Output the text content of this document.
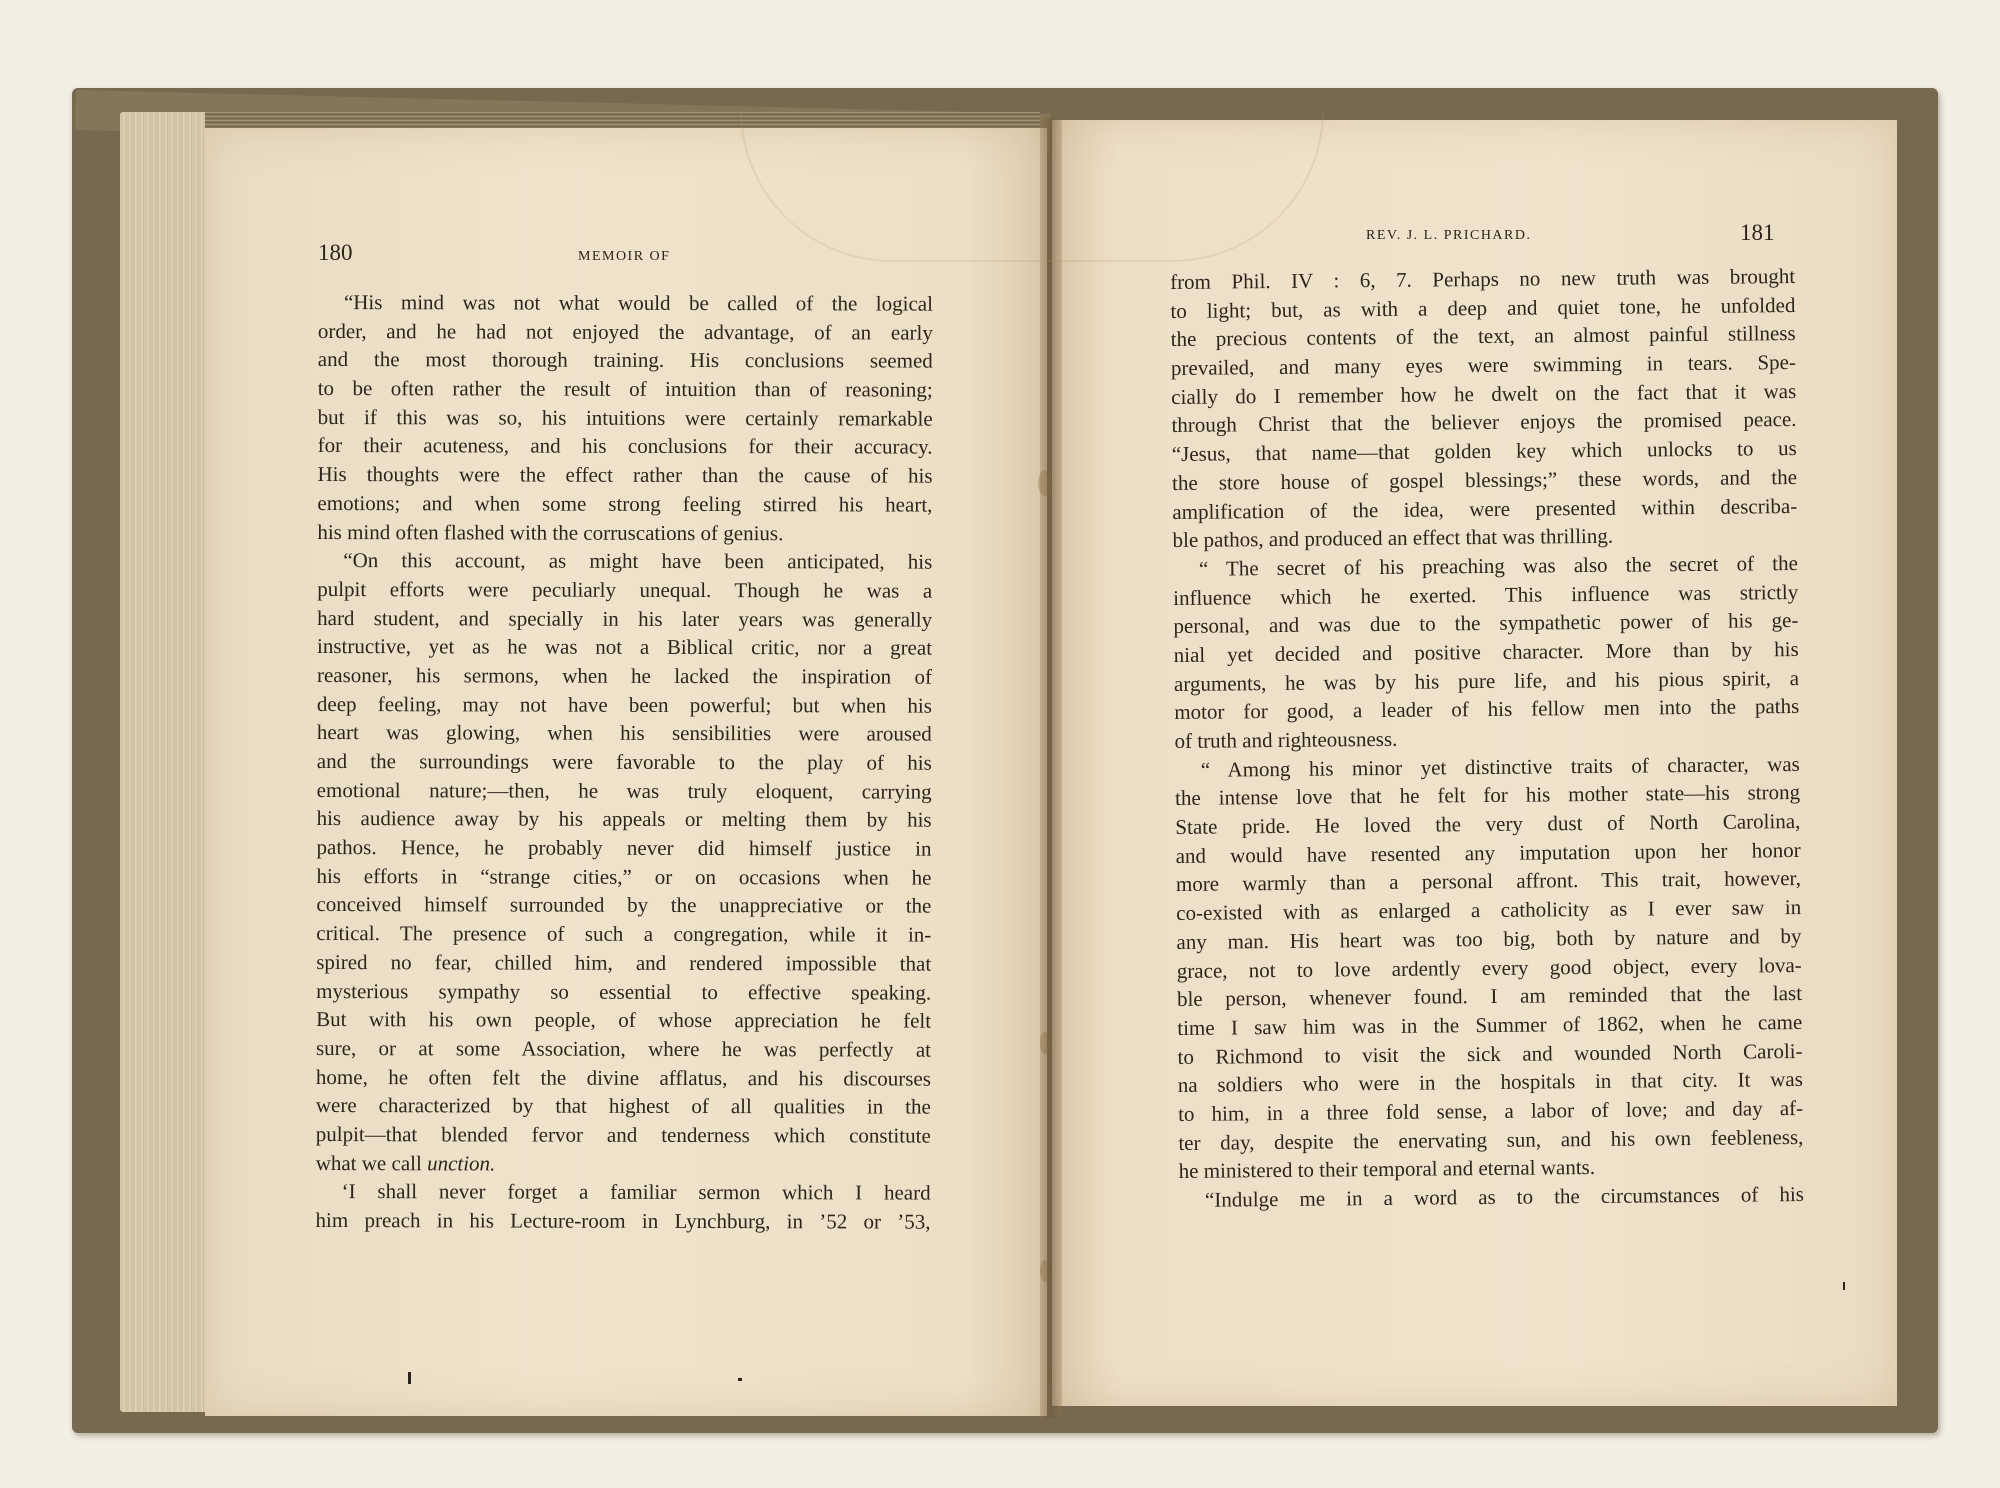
180	MEMOIR OF
REV. J. L. PRICHARD.	181
“His mind was not what would be called of the logical
order, and he had not enjoyed the advantage, of an early
and the most thorough training. His conclusions seemed
to be often rather the result of intuition than of reasoning;
but if this was so, his intuitions were certainly remarkable
for their acuteness, and his conclusions for their accuracy.
His thoughts were the effect rather than the cause of his
emotions; and when some strong feeling stirred his heart,
his mind often flashed with the corruscations of genius.
“On this account, as might have been anticipated, his
pulpit efforts were peculiarly unequal. Though he was a
hard student, and specially in his later years was generally
instructive, yet as he was not a Biblical critic, nor a great
reasoner, his sermons, when he lacked the inspiration of
deep feeling, may not have been powerful; but when his
heart was glowing, when his sensibilities were aroused
and the surroundings were favorable to the play of his
emotional nature;—then, he was truly eloquent, carrying
his audience away by his appeals or melting them by his
pathos. Hence, he probably never did himself justice in
his efforts in “strange cities,” or on occasions when he
conceived himself surrounded by the unappreciative or the
critical. The presence of such a congregation, while it in-
spired no fear, chilled him, and rendered impossible that
mysterious sympathy so essential to effective speaking.
But with his own people, of whose appreciation he felt
sure, or at some Association, where he was perfectly at
home, he often felt the divine afflatus, and his discourses
were characterized by that highest of all qualities in the
pulpit—that blended fervor and tenderness which constitute
what we call unction.
‘I shall never forget a familiar sermon which I heard
him preach in his Lecture-room in Lynchburg, in ’52 or ’53,
from Phil. IV : 6, 7. Perhaps no new truth was brought
to light; but, as with a deep and quiet tone, he unfolded
the precious contents of the text, an almost painful stillness
prevailed, and many eyes were swimming in tears. Spe-
cially do I remember how he dwelt on the fact that it was
through Christ that the believer enjoys the promised peace.
“Jesus, that name—that golden key which unlocks to us
the store house of gospel blessings;” these words, and the
amplification of the idea, were presented within describa-
ble pathos, and produced an effect that was thrilling.
“ The secret of his preaching was also the secret of the
influence which he exerted. This influence was strictly
personal, and was due to the sympathetic power of his ge-
nial yet decided and positive character. More than by his
arguments, he was by his pure life, and his pious spirit, a
motor for good, a leader of his fellow men into the paths
of truth and righteousness.
“ Among his minor yet distinctive traits of character, was
the intense love that he felt for his mother state—his strong
State pride. He loved the very dust of North Carolina,
and would have resented any imputation upon her honor
more warmly than a personal affront. This trait, however,
co-existed with as enlarged a catholicity as I ever saw in
any man. His heart was too big, both by nature and by
grace, not to love ardently every good object, every lova-
ble person, whenever found. I am reminded that the last
time I saw him was in the Summer of 1862, when he came
to Richmond to visit the sick and wounded North Caroli-
na soldiers who were in the hospitals in that city. It was
to him, in a three fold sense, a labor of love; and day af-
ter day, despite the enervating sun, and his own feebleness,
he ministered to their temporal and eternal wants.
“Indulge me in a word as to the circumstances of his
